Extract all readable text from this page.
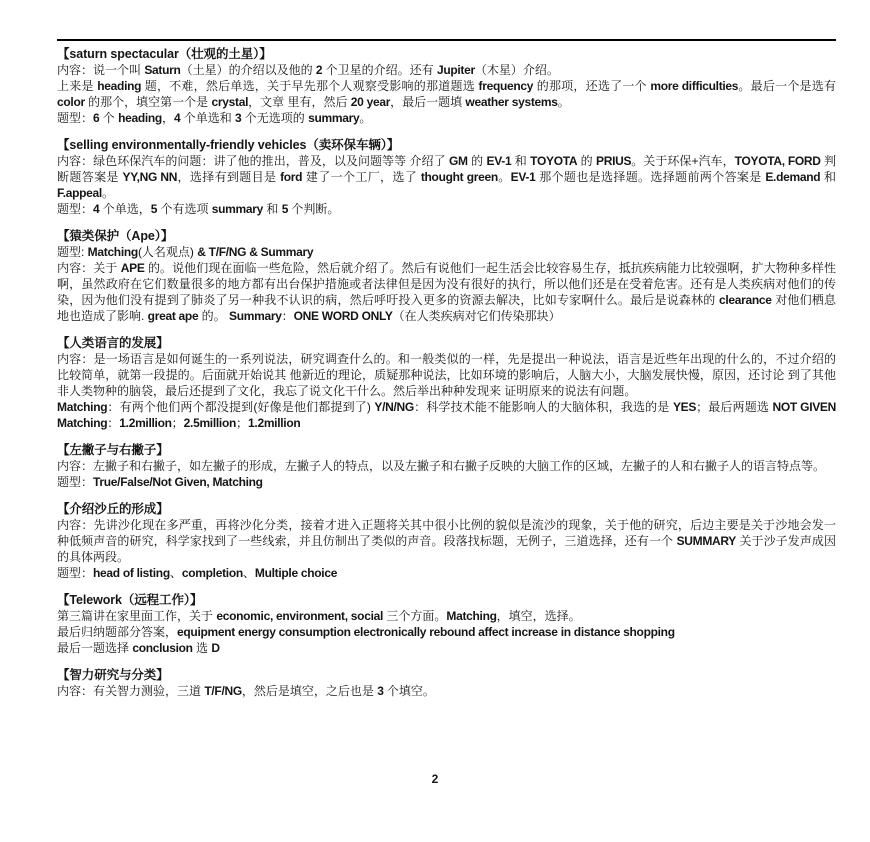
【saturn spectacular（壮观的土星）】
内容：说一个叫 Saturn（土星）的介绍以及他的 2 个卫星的介绍。还有 Jupiter（木星）介绍。
上来是 heading 题，不难，然后单选，关于早先那个人观察受影响的那道题选 frequency 的那项，还选了一个 more difficulties。最后一个是选有 color 的那个，填空第一个是 crystal，文章 里有，然后 20 year，最后一题填 weather systems。
题型：6 个 heading，4 个单选和 3 个无选项的 summary。
【selling environmentally-friendly vehicles（卖环保车辆）】
内容：绿色环保汽车的问题：讲了他的推出，普及，以及问题等等 介绍了 GM 的 EV-1 和 TOYOTA 的 PRIUS。关于环保+汽车，TOYOTA, FORD 判断题答案是 YY,NG NN，选择有到题目是 ford 建了一个工厂，选了 thought green。EV-1 那个题也是选择题。选择题前两个答案是 E.demand 和 F.appeal。
题型：4 个单选，5 个有选项 summary 和 5 个判断。
【猿类保护（Ape）】
题型: Matching(人名观点) & T/F/NG & Summary
内容：关于 APE 的。说他们现在面临一些危险，然后就介绍了。然后有说他们一起生活会比较容易生存，抵抗疾病能力比较强啊，扩大物种多样性啊，虽然政府在它们数量很多的地方都有出台保护措施或者法律但是因为没有很好的执行，所以他们还是在受着危害。还有是人类疾病对他们的传染，因为他们没有提到了肺炎了另一种我不认识的病，然后呼吁投入更多的资源去解决，比如专家啊什么。最后是说森林的 clearance 对他们栖息地也造成了影响. great ape 的。 Summary：ONE WORD ONLY（在人类疾病对它们传染那块）
【人类语言的发展】
内容：是一场语言是如何诞生的一系列说法，研究调查什么的。和一般类似的一样，先是提出一种说法，语言是近些年出现的什么的，不过介绍的比较简单，就第一段提的。后面就开始说其 他新近的理论，质疑那种说法，比如环境的影响后，人脑大小，大脑发展快慢，原因，还讨论 到了其他非人类物种的脑袋，最后还提到了文化，我忘了说文化干什么。然后举出种种发现来 证明原来的说法有问题。
Matching：有两个他们两个都没提到(好像是他们都提到了) Y/N/NG：科学技术能不能影响人的大脑体积，我选的是 YES；最后两题选 NOT GIVEN Matching：1.2million；2.5million；1.2million
【左撇子与右撇子】
内容：左撇子和右撇子，如左撇子的形成，左撇子人的特点，以及左撇子和右撇子反映的大脑工作的区域，左撇子的人和右撇子人的语言特点等。
题型：True/False/Not Given, Matching
【介绍沙丘的形成】
内容：先讲沙化现在多严重，再将沙化分类，接着才进入正题将关其中很小比例的貌似是流沙的现象，关于他的研究，后边主要是关于沙地会发一种低频声音的研究，科学家找到了一些线索，并且仿制出了类似的声音。段落找标题，无例子，三道选择，还有一个 SUMMARY 关于沙子发声成因的具体两段。
题型：head of listing、completion、Multiple choice
【Telework（远程工作）】
第三篇讲在家里面工作，关于 economic, environment, social 三个方面。Matching，填空，选择。
最后归纳题部分答案，equipment energy consumption electronically rebound affect increase in distance shopping
最后一题选择 conclusion 选 D
【智力研究与分类】
内容：有关智力测验，三道 T/F/NG，然后是填空，之后也是 3 个填空。
2
